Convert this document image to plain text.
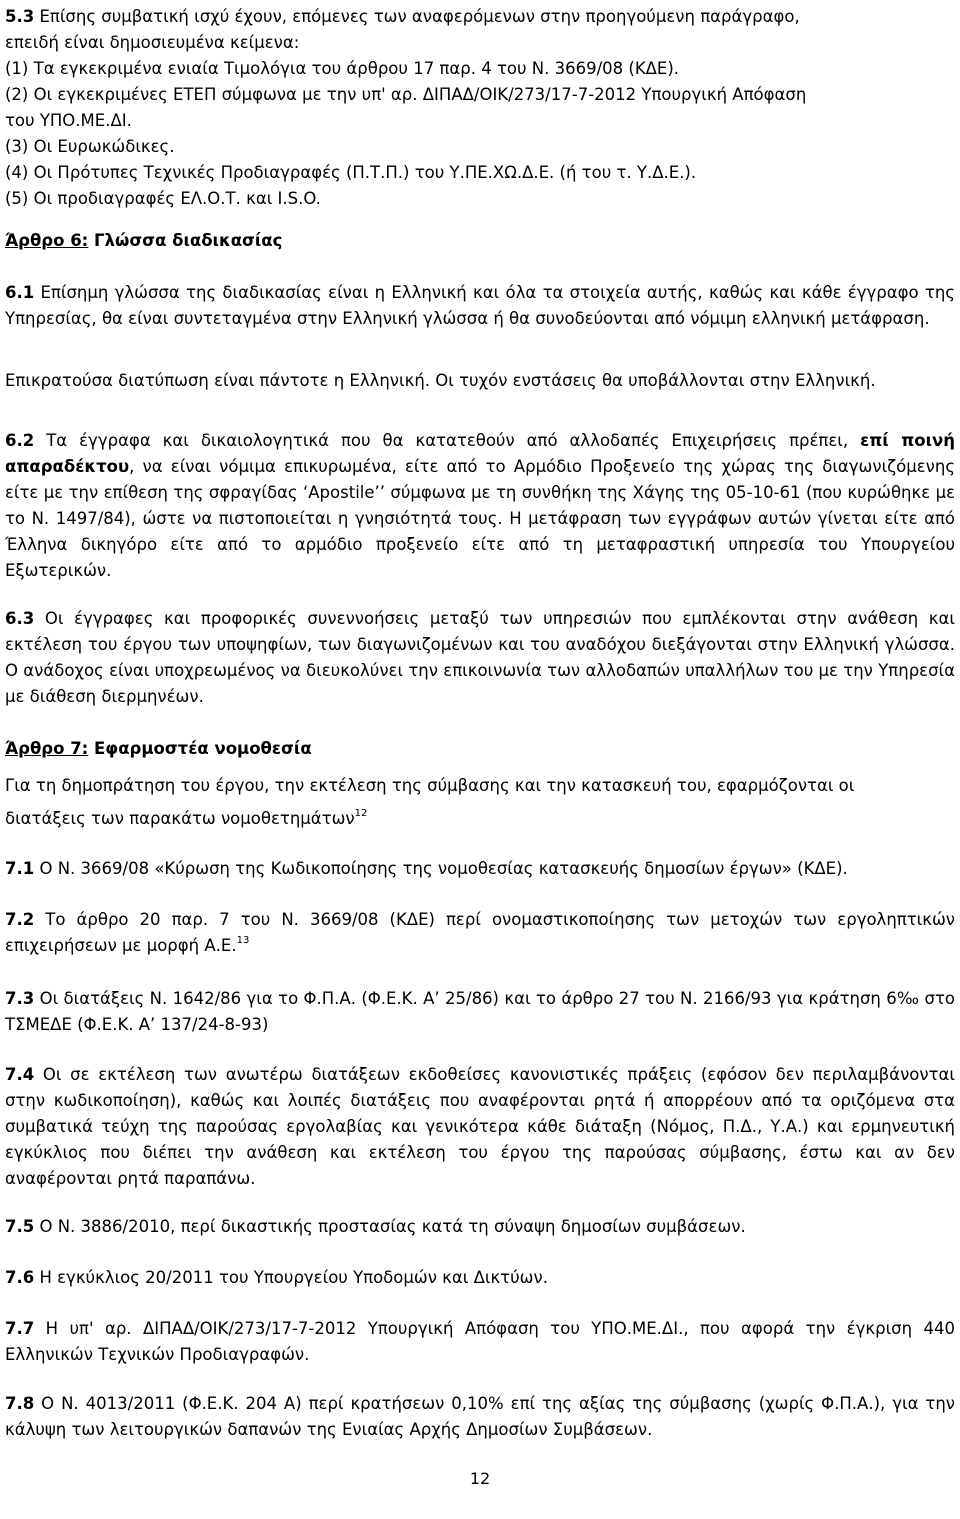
5.3 Επίσης συμβατική ισχύ έχουν, επόμενες των αναφερόμενων στην προηγούμενη παράγραφο,
επειδή είναι δημοσιευμένα κείμενα:
(1) Τα εγκεκριμένα ενιαία Τιμολόγια του άρθρου 17 παρ. 4 του Ν. 3669/08 (ΚΔΕ).
(2) Οι εγκεκριμένες ΕΤΕΠ σύμφωνα με την υπ' αρ. ΔΙΠΑΔ/ΟΙΚ/273/17-7-2012 Υπουργική Απόφαση
του ΥΠΟ.ΜΕ.ΔΙ.
(3) Οι Ευρωκώδικες.
(4) Οι Πρότυπες Τεχνικές Προδιαγραφές (Π.Τ.Π.) του Υ.ΠΕ.ΧΩ.Δ.Ε. (ή του τ. Υ.Δ.Ε.).
(5) Οι προδιαγραφές ΕΛ.Ο.Τ. και I.S.O.
Άρθρο 6: Γλώσσα διαδικασίας

6.1 Επίσημη γλώσσα της διαδικασίας είναι η Ελληνική και όλα τα στοιχεία αυτής, καθώς και κάθε έγγραφο της Υπηρεσίας, θα είναι συντεταγμένα στην Ελληνική γλώσσα ή θα συνοδεύονται από νόμιμη ελληνική μετάφραση.

Επικρατούσα διατύπωση είναι πάντοτε η Ελληνική. Οι τυχόν ενστάσεις θα υποβάλλονται στην Ελληνική.

6.2 Τα έγγραφα και δικαιολογητικά που θα κατατεθούν από αλλοδαπές Επιχειρήσεις πρέπει, επί ποινή απαραδέκτου, να είναι νόμιμα επικυρωμένα, είτε από το Αρμόδιο Προξενείο της χώρας της διαγωνιζόμενης είτε με την επίθεση της σφραγίδας ‘Apostile’’ σύμφωνα με τη συνθήκη της Χάγης της 05-10-61 (που κυρώθηκε με το Ν. 1497/84), ώστε να πιστοποιείται η γνησιότητά τους. Η μετάφραση των εγγράφων αυτών γίνεται είτε από Έλληνα δικηγόρο είτε από το αρμόδιο προξενείο είτε από τη μεταφραστική υπηρεσία του Υπουργείου Εξωτερικών.

6.3 Οι έγγραφες και προφορικές συνεννοήσεις μεταξύ των υπηρεσιών που εμπλέκονται στην ανάθεση και εκτέλεση του έργου των υποψηφίων, των διαγωνιζομένων και του αναδόχου διεξάγονται στην Ελληνική γλώσσα. Ο ανάδοχος είναι υποχρεωμένος να διευκολύνει την επικοινωνία των αλλοδαπών υπαλλήλων του με την Υπηρεσία με διάθεση διερμηνέων.

Άρθρο 7: Εφαρμοστέα νομοθεσία
Για τη δημοπράτηση του έργου, την εκτέλεση της σύμβασης και την κατασκευή του, εφαρμόζονται οι
διατάξεις των παρακάτω νομοθετημάτων$^{12}$

7.1 Ο Ν. 3669/08 «Κύρωση της Κωδικοποίησης της νομοθεσίας κατασκευής δημοσίων έργων» (ΚΔΕ).

7.2 Το άρθρο 20 παρ. 7 του Ν. 3669/08 (ΚΔΕ) περί ονομαστικοποίησης των μετοχών των εργοληπτικών επιχειρήσεων με μορφή Α.Ε.$^{13}$

7.3 Οι διατάξεις Ν. 1642/86 για το Φ.Π.Α. (Φ.Ε.Κ. Α’ 25/86) και το άρθρο 27 του Ν. 2166/93 για κράτηση 6‰ στο ΤΣΜΕΔΕ (Φ.Ε.Κ. Α’ 137/24-8-93)

7.4 Οι σε εκτέλεση των ανωτέρω διατάξεων εκδοθείσες κανονιστικές πράξεις (εφόσον δεν περιλαμβάνονται στην κωδικοποίηση), καθώς και λοιπές διατάξεις που αναφέρονται ρητά ή απορρέουν από τα οριζόμενα στα συμβατικά τεύχη της παρούσας εργολαβίας και γενικότερα κάθε διάταξη (Νόμος, Π.Δ., Υ.Α.) και ερμηνευτική εγκύκλιος που διέπει την ανάθεση και εκτέλεση του έργου της παρούσας σύμβασης, έστω και αν δεν αναφέρονται ρητά παραπάνω.

7.5 Ο Ν. 3886/2010, περί δικαστικής προστασίας κατά τη σύναψη δημοσίων συμβάσεων.

7.6 Η εγκύκλιος 20/2011 του Υπουργείου Υποδομών και Δικτύων.

7.7 Η υπ' αρ. ΔΙΠΑΔ/ΟΙΚ/273/17-7-2012 Υπουργική Απόφαση του ΥΠΟ.ΜΕ.ΔΙ., που αφορά την έγκριση 440 Ελληνικών Τεχνικών Προδιαγραφών.

7.8 Ο Ν. 4013/2011 (Φ.Ε.Κ. 204 Α) περί κρατήσεων 0,10% επί της αξίας της σύμβασης (χωρίς Φ.Π.Α.), για την κάλυψη των λειτουργικών δαπανών της Ενιαίας Αρχής Δημοσίων Συμβάσεων.

12
